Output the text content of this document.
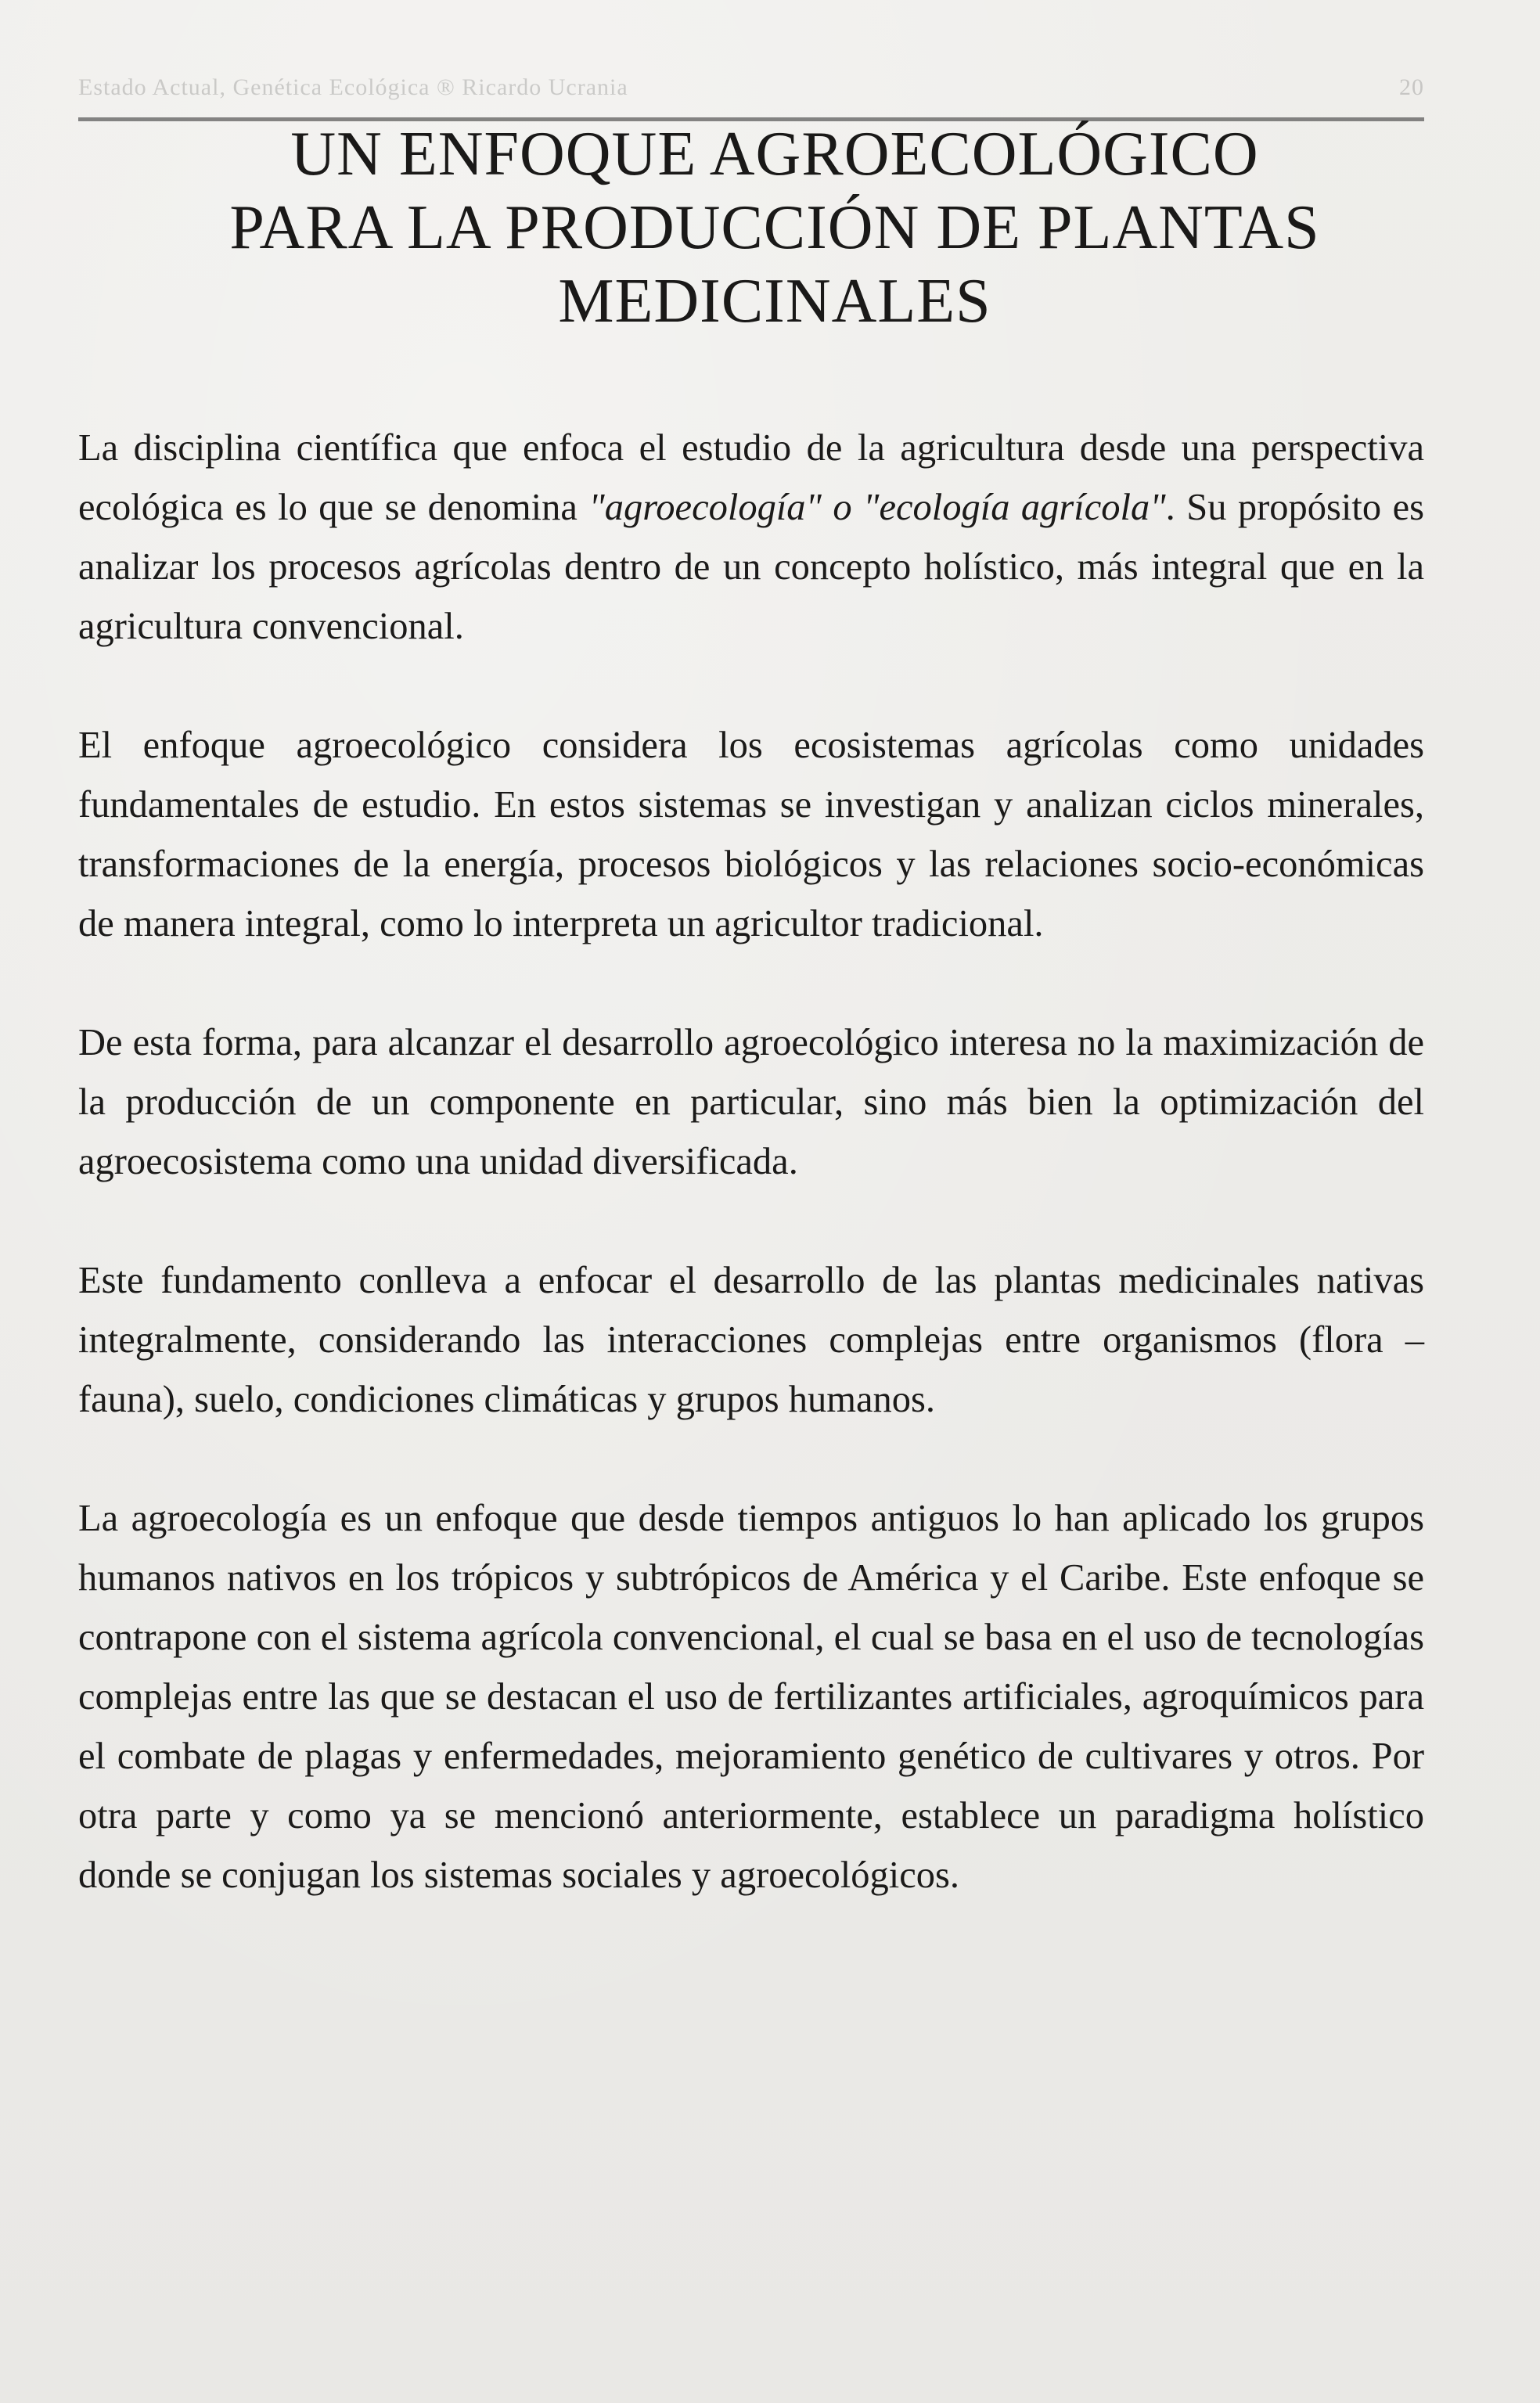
Estado Actual, Genética Ecológica ® Ricardo Ucrania	20
UN ENFOQUE AGROECOLÓGICO
PARA LA PRODUCCIÓN DE PLANTAS
MEDICINALES

La disciplina científica que enfoca el estudio de la agricultura desde una perspectiva ecológica es lo que se denomina "agroecología" o "ecología agrícola". Su propósito es analizar los procesos agrícolas dentro de un concepto holístico, más integral que en la agricultura convencional.

El enfoque agroecológico considera los ecosistemas agrícolas como unidades fundamentales de estudio. En estos sistemas se investigan y analizan ciclos minerales, transformaciones de la energía, procesos biológicos y las relaciones socio-económicas de manera integral, como lo interpreta un agricultor tradicional.

De esta forma, para alcanzar el desarrollo agroecológico interesa no la maximización de la producción de un componente en particular, sino más bien la optimización del agroecosistema como una unidad diversificada.

Este fundamento conlleva a enfocar el desarrollo de las plantas medicinales nativas integralmente, considerando las interacciones complejas entre organismos (flora – fauna), suelo, condiciones climáticas y grupos humanos.

La agroecología es un enfoque que desde tiempos antiguos lo han aplicado los grupos humanos nativos en los trópicos y subtrópicos de América y el Caribe. Este enfoque se contrapone con el sistema agrícola convencional, el cual se basa en el uso de tecnologías complejas entre las que se destacan el uso de fertilizantes artificiales, agroquímicos para el combate de plagas y enfermedades, mejoramiento genético de cultivares y otros. Por otra parte y como ya se mencionó anteriormente, establece un paradigma holístico donde se conjugan los sistemas sociales y agroecológicos.
